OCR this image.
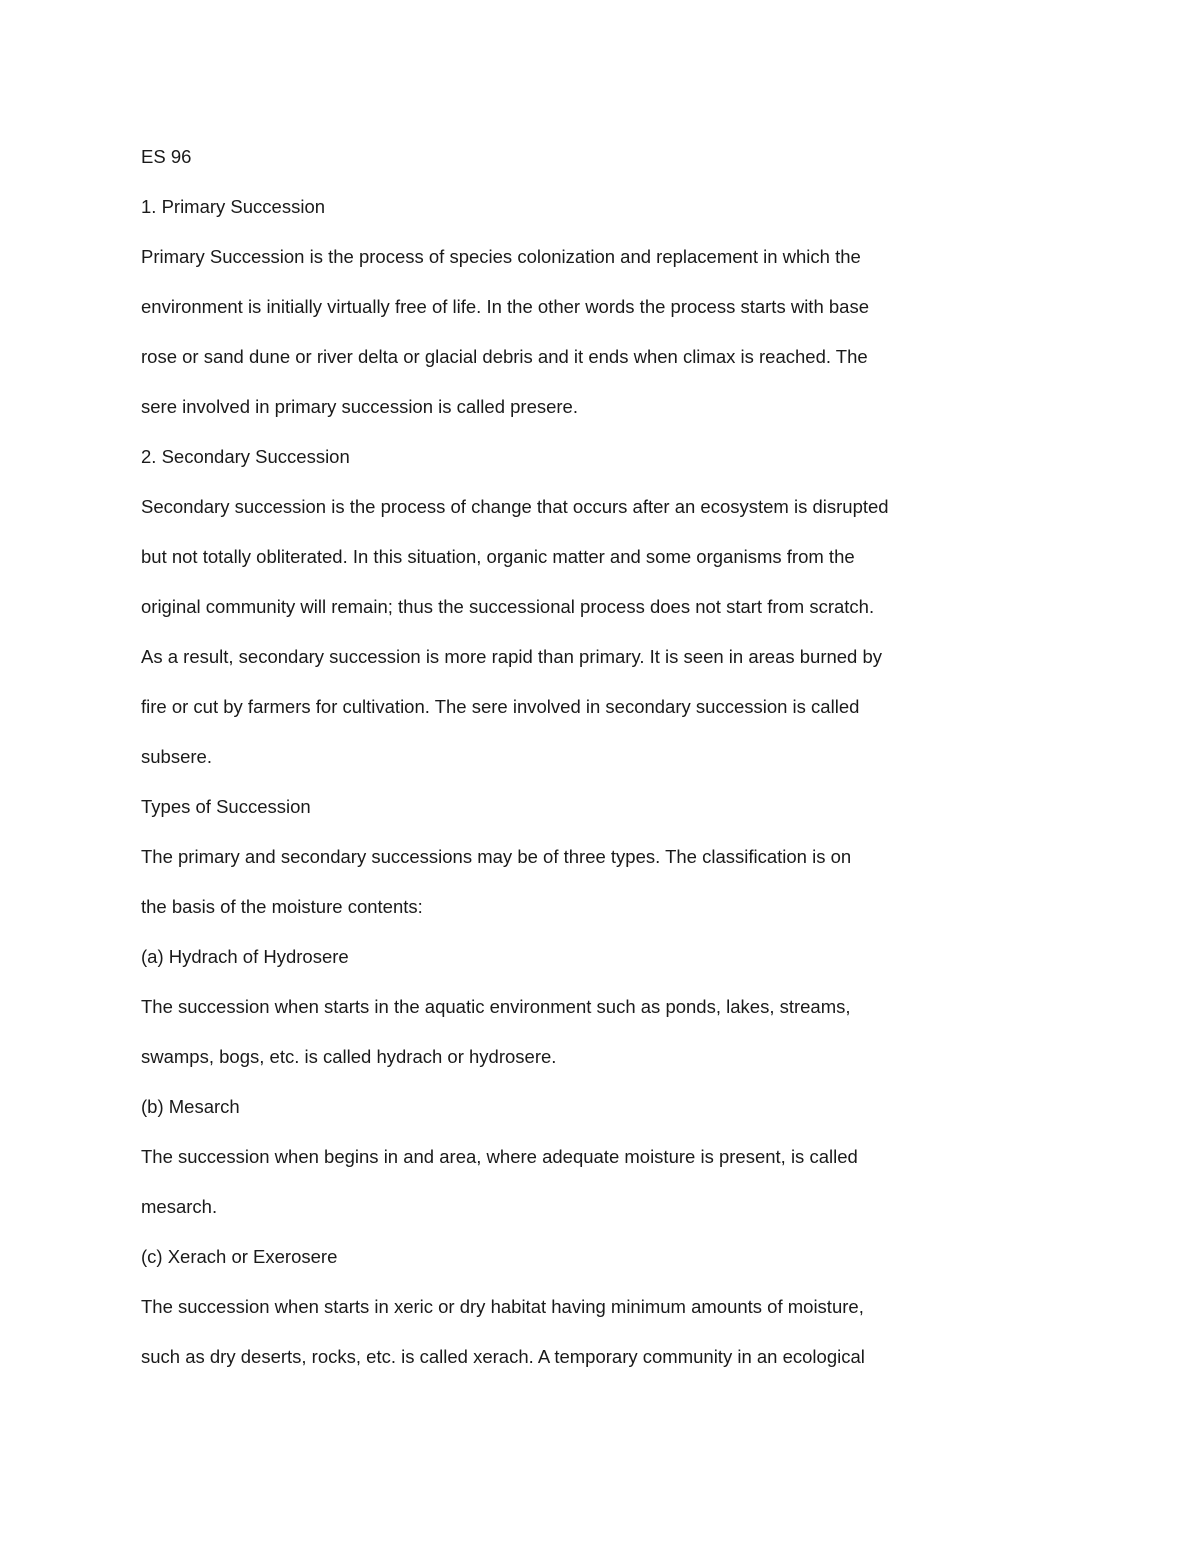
ES 96
1. Primary Succession
Primary Succession is the process of species colonization and replacement in which the
environment is initially virtually free of life. In the other words the process starts with base
rose or sand dune or river delta or glacial debris and it ends when climax is reached. The
sere involved in primary succession is called presere.
2. Secondary Succession
Secondary succession is the process of change that occurs after an ecosystem is disrupted
but not totally obliterated. In this situation, organic matter and some organisms from the
original community will remain; thus the successional process does not start from scratch.
As a result, secondary succession is more rapid than primary. It is seen in areas burned by
fire or cut by farmers for cultivation. The sere involved in secondary succession is called
subsere.
Types of Succession
The primary and secondary successions may be of three types. The classification is on
the basis of the moisture contents:
(a) Hydrach of Hydrosere
The succession when starts in the aquatic environment such as ponds, lakes, streams,
swamps, bogs, etc. is called hydrach or hydrosere.
(b) Mesarch
The succession when begins in and area, where adequate moisture is present, is called
mesarch.
(c) Xerach or Exerosere
The succession when starts in xeric or dry habitat having minimum amounts of moisture,
such as dry deserts, rocks, etc. is called xerach. A temporary community in an ecological
